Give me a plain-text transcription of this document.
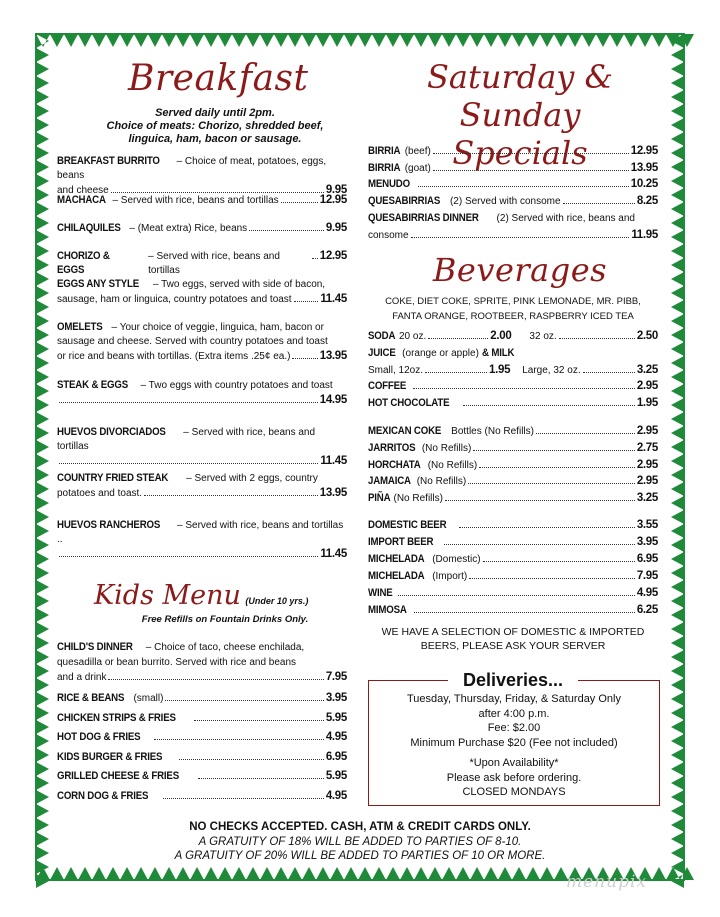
Breakfast
Served daily until 2pm.
Choice of meats: Chorizo, shredded beef,
linguica, ham, bacon or sausage.
BREAKFAST BURRITO – Choice of meat, potatoes, eggs, beans
and cheese	9.95
MACHACA – Served with rice, beans and tortillas	12.95
CHILAQUILES – (Meat extra) Rice, beans	9.95
CHORIZO & EGGS
– Served with rice, beans and tortillas
12.95
EGGS ANY STYLE – Two eggs, served with side of bacon,
sausage, ham or linguica, country potatoes and toast	11.45
OMELETS – Your choice of veggie, linguica, ham, bacon or
sausage and cheese. Served with country potatoes and toast
or rice and beans with tortillas. (Extra items .25¢ ea.)	13.95
STEAK & EGGS – Two eggs with country potatoes and toast
14.95
HUEVOS DIVORCIADOS – Served with rice, beans and tortillas
11.45
COUNTRY FRIED STEAK – Served with 2 eggs, country
potatoes and toast.	13.95
HUEVOS RANCHEROS – Served with rice, beans and tortillas ..
11.45
Kids Menu (Under 10 yrs.)
Free Refills on Fountain Drinks Only.
CHILD'S DINNER – Choice of taco, cheese enchilada,
quesadilla or bean burrito. Served with rice and beans
and a drink	7.95
RICE & BEANS (small)	3.95
CHICKEN STRIPS & FRIES	5.95
HOT DOG & FRIES	4.95
KIDS BURGER & FRIES	6.95
GRILLED CHEESE & FRIES	5.95
CORN DOG & FRIES	4.95
Saturday &
Sunday Specials
BIRRIA (beef)	12.95
BIRRIA (goat)	13.95
MENUDO	10.25
QUESABIRRIAS (2) Served with consome	8.25
QUESABIRRIAS DINNER (2) Served with rice, beans and
consome	11.95
Beverages
COKE, DIET COKE, SPRITE, PINK LEMONADE, MR. PIBB,
FANTA ORANGE, ROOTBEER, RASPBERRY ICED TEA
SODA 20 oz.	2.00 32 oz.	2.50
JUICE (orange or apple) & MILK
Small, 12oz.	1.95 Large, 32 oz.	3.25
COFFEE	2.95
HOT CHOCOLATE	1.95
MEXICAN COKE Bottles (No Refills)	2.95
JARRITOS (No Refills)	2.75
HORCHATA (No Refills)	2.95
JAMAICA (No Refills)	2.95
PIÑA (No Refills)	3.25
DOMESTIC BEER	3.55
IMPORT BEER	3.95
MICHELADA (Domestic)	6.95
MICHELADA (Import)	7.95
WINE	4.95
MIMOSA	6.25
WE HAVE A SELECTION OF DOMESTIC & IMPORTED
BEERS, PLEASE ASK YOUR SERVER
Deliveries...
Tuesday, Thursday, Friday, & Saturday Only
after 4:00 p.m.
Fee: $2.00
Minimum Purchase $20 (Fee not included)
*Upon Availability*
Please ask before ordering.
CLOSED MONDAYS
NO CHECKS ACCEPTED. CASH, ATM & CREDIT CARDS ONLY.
A GRATUITY OF 18% WILL BE ADDED TO PARTIES OF 8-10.
A GRATUITY OF 20% WILL BE ADDED TO PARTIES OF 10 OR MORE.
menupix
